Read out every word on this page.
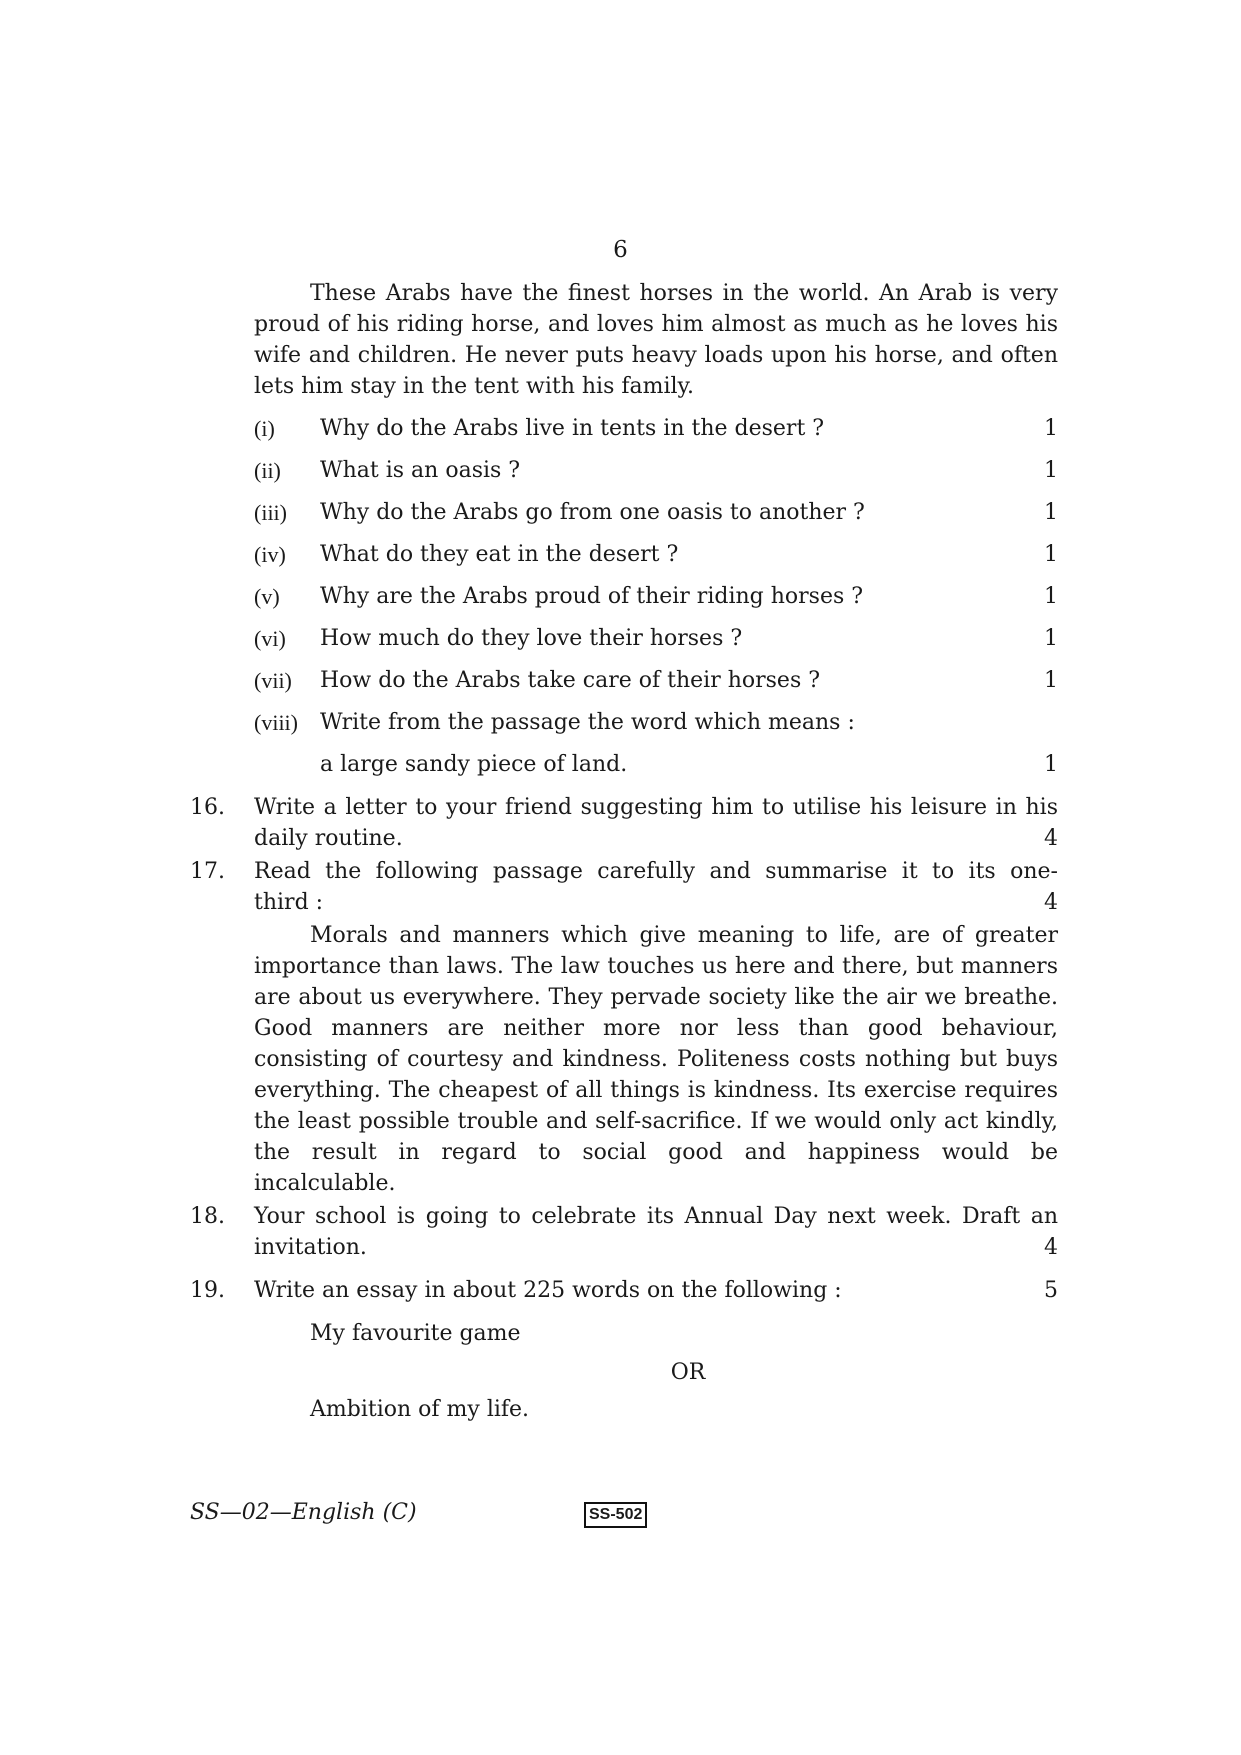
6

These Arabs have the finest horses in the world. An Arab is very proud of his riding horse, and loves him almost as much as he loves his wife and children. He never puts heavy loads upon his horse, and often lets him stay in the tent with his family.

(i)	Why do the Arabs live in tents in the desert ?	1
(ii)	What is an oasis ?	1
(iii)	Why do the Arabs go from one oasis to another ?	1
(iv)	What do they eat in the desert ?	1
(v)	Why are the Arabs proud of their riding horses ?	1
(vi)	How much do they love their horses ?	1
(vii)	How do the Arabs take care of their horses ?	1
(viii)	Write from the passage the word which means :
a large sandy piece of land.	1
16.	Write a letter to your friend suggesting him to utilise his leisure in his
daily routine.	4
17.	Read the following passage carefully and summarise it to its one-
third :	4

Morals and manners which give meaning to life, are of greater importance than laws. The law touches us here and there, but manners are about us everywhere. They pervade society like the air we breathe. Good manners are neither more nor less than good behaviour, consisting of courtesy and kindness. Politeness costs nothing but buys everything. The cheapest of all things is kindness. Its exercise requires the least possible trouble and self-sacrifice. If we would only act kindly, the result in regard to social good and happiness would be incalculable.

18.	Your school is going to celebrate its Annual Day next week. Draft an
invitation.	4
19.	Write an essay in about 225 words on the following :	5
My favourite game
OR
Ambition of my life.
SS—02—English (C)	SS-502
